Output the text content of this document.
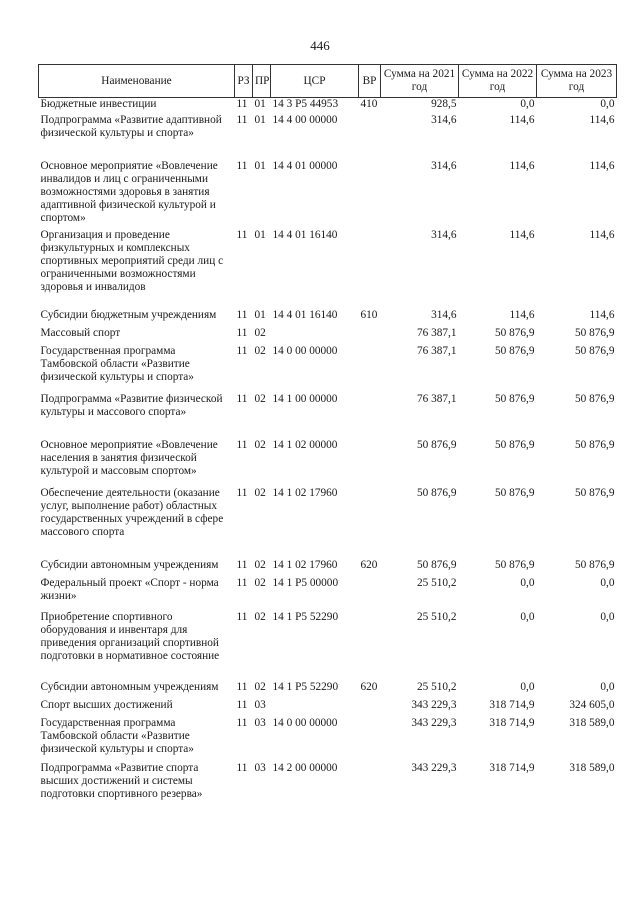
446
Наименование	РЗ	ПР	ЦСР	ВР	Сумма на 2021 год	Сумма на 2022 год	Сумма на 2023 год
Бюджетные инвестиции	11	01	14 3 P5 44953	410	928,5	0,0	0,0
Подпрограмма «Развитие адаптивной физической культуры и спорта»	11	01	14 4 00 00000		314,6	114,6	114,6
Основное мероприятие «Вовлечение инвалидов и лиц с ограниченными возможностями здоровья в занятия адаптивной физической культурой и спортом»	11	01	14 4 01 00000		314,6	114,6	114,6
Организация и проведение физкультурных и комплексных спортивных мероприятий среди лиц с ограниченными возможностями здоровья и инвалидов	11	01	14 4 01 16140		314,6	114,6	114,6
Субсидии бюджетным учреждениям	11	01	14 4 01 16140	610	314,6	114,6	114,6
Массовый спорт	11	02			76 387,1	50 876,9	50 876,9
Государственная программа Тамбовской области «Развитие физической культуры и спорта»	11	02	14 0 00 00000		76 387,1	50 876,9	50 876,9
Подпрограмма «Развитие физической культуры и массового спорта»	11	02	14 1 00 00000		76 387,1	50 876,9	50 876,9
Основное мероприятие «Вовлечение населения в занятия физической культурой и массовым спортом»	11	02	14 1 02 00000		50 876,9	50 876,9	50 876,9
Обеспечение деятельности (оказание услуг, выполнение работ) областных государственных учреждений в сфере массового спорта	11	02	14 1 02 17960		50 876,9	50 876,9	50 876,9
Субсидии автономным учреждениям	11	02	14 1 02 17960	620	50 876,9	50 876,9	50 876,9
Федеральный проект «Спорт - норма жизни»	11	02	14 1 P5 00000		25 510,2	0,0	0,0
Приобретение спортивного оборудования и инвентаря для приведения организаций спортивной подготовки в нормативное состояние	11	02	14 1 P5 52290		25 510,2	0,0	0,0
Субсидии автономным учреждениям	11	02	14 1 P5 52290	620	25 510,2	0,0	0,0
Спорт высших достижений	11	03			343 229,3	318 714,9	324 605,0
Государственная программа Тамбовской области «Развитие физической культуры и спорта»	11	03	14 0 00 00000		343 229,3	318 714,9	318 589,0
Подпрограмма «Развитие спорта высших достижений и системы подготовки спортивного резерва»	11	03	14 2 00 00000		343 229,3	318 714,9	318 589,0
